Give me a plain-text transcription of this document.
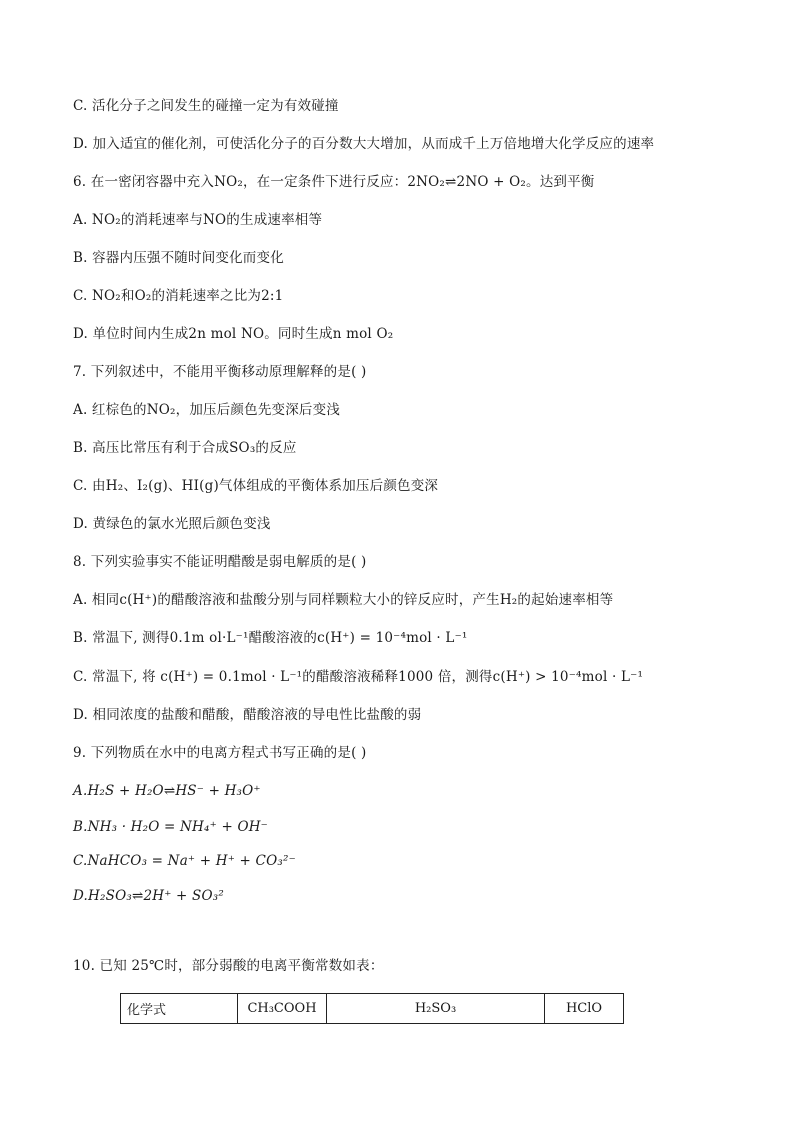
C. 活化分子之间发生的碰撞一定为有效碰撞
D. 加入适宜的催化剂，可使活化分子的百分数大大增加，从而成千上万倍地增大化学反应的速率
6. 在一密闭容器中充入NO₂，在一定条件下进行反应：2NO₂⇌2NO + O₂。达到平衡
A. NO₂的消耗速率与NO的生成速率相等
B. 容器内压强不随时间变化而变化
C. NO₂和O₂的消耗速率之比为2:1
D. 单位时间内生成2n mol NO。同时生成n mol O₂
7. 下列叙述中，不能用平衡移动原理解释的是( )
A. 红棕色的NO₂，加压后颜色先变深后变浅
B. 高压比常压有利于合成SO₃的反应
C. 由H₂、I₂(g)、HI(g)气体组成的平衡体系加压后颜色变深
D. 黄绿色的氯水光照后颜色变浅
8. 下列实验事实不能证明醋酸是弱电解质的是( )
A. 相同c(H⁺)的醋酸溶液和盐酸分别与同样颗粒大小的锌反应时，产生H₂的起始速率相等
B. 常温下, 测得0.1m ol·L⁻¹醋酸溶液的c(H⁺) = 10⁻⁴mol · L⁻¹
C. 常温下, 将 c(H⁺) = 0.1mol · L⁻¹的醋酸溶液稀释1000 倍，测得c(H⁺) > 10⁻⁴mol · L⁻¹
D. 相同浓度的盐酸和醋酸，醋酸溶液的导电性比盐酸的弱
9. 下列物质在水中的电离方程式书写正确的是( )
A.H₂S + H₂O⇌HS⁻ + H₃O⁺
B.NH₃ · H₂O = NH₄⁺ + OH⁻
C.NaHCO₃ = Na⁺ + H⁺ + CO₃²⁻
D.H₂SO₃⇌2H⁺ + SO₃²
10. 已知 25℃时，部分弱酸的电离平衡常数如表：
化学式	CH₃COOH	H₂SO₃	HClO
